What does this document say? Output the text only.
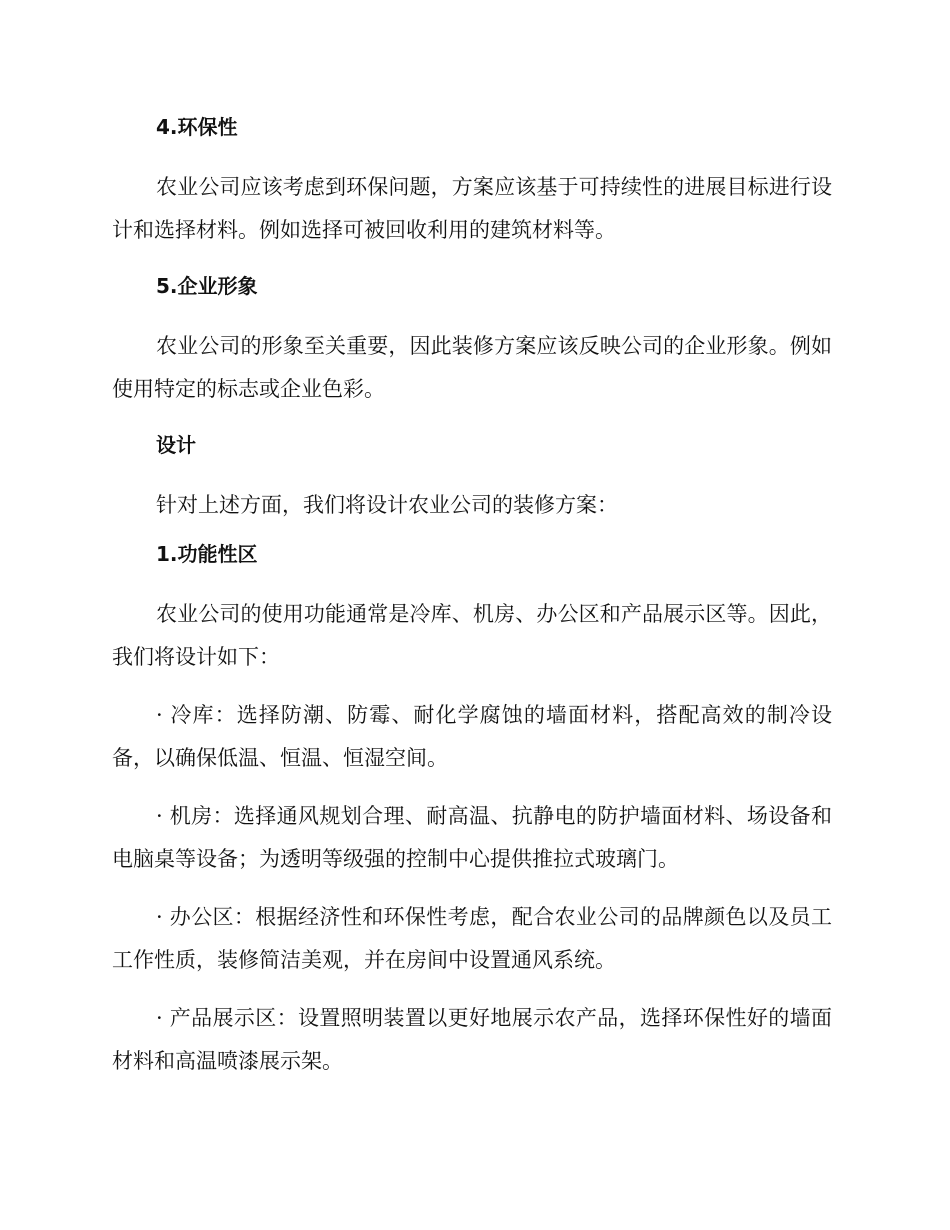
4.环保性

农业公司应该考虑到环保问题，方案应该基于可持续性的进展目标进行设计和选择材料。例如选择可被回收利用的建筑材料等。

5.企业形象

农业公司的形象至关重要，因此装修方案应该反映公司的企业形象。例如使用特定的标志或企业色彩。

设计

针对上述方面，我们将设计农业公司的装修方案：

1.功能性区

农业公司的使用功能通常是冷库、机房、办公区和产品展示区等。因此，我们将设计如下：

· 冷库：选择防潮、防霉、耐化学腐蚀的墙面材料，搭配高效的制冷设备，以确保低温、恒温、恒湿空间。

· 机房：选择通风规划合理、耐高温、抗静电的防护墙面材料、场设备和电脑桌等设备；为透明等级强的控制中心提供推拉式玻璃门。

· 办公区：根据经济性和环保性考虑，配合农业公司的品牌颜色以及员工工作性质，装修简洁美观，并在房间中设置通风系统。

· 产品展示区：设置照明装置以更好地展示农产品，选择环保性好的墙面材料和高温喷漆展示架。
